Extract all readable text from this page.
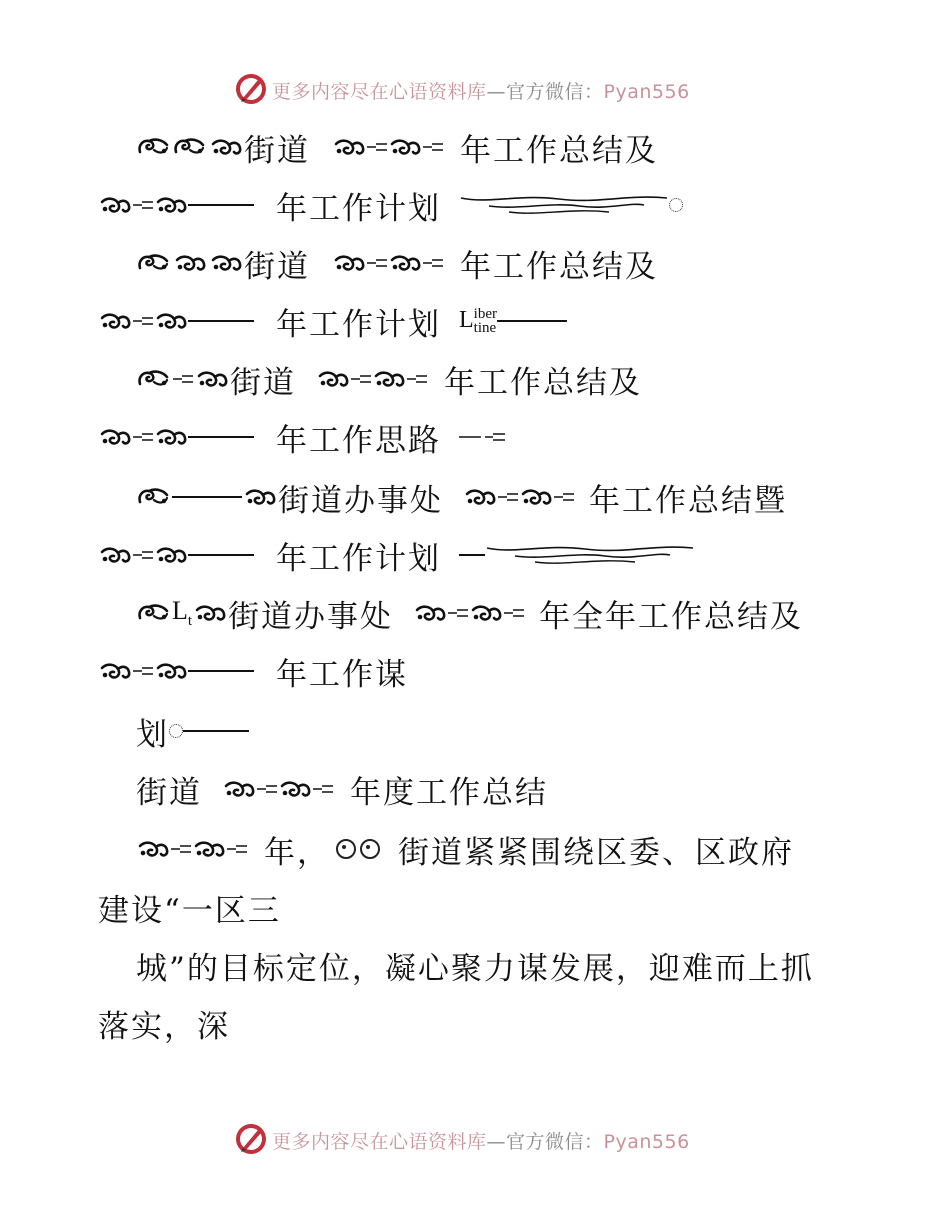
更多内容尽在心语资料库—官方微信：Pyan556
街道	年工作总结及
年工作计划
街道	年工作总结及
年工作计划 L iber
tine
街道	年工作总结及
年工作思路
街道办事处	年工作总结暨
年工作计划
$L_t$ 街道办事处	年全年工作总结及
年工作谋
划
街道	年度工作总结
年， 街道紧紧围绕区委、区政府
建设“一区三
城”的目标定位，凝心聚力谋发展，迎难而上抓
落实，深
更多内容尽在心语资料库—官方微信：Pyan556
